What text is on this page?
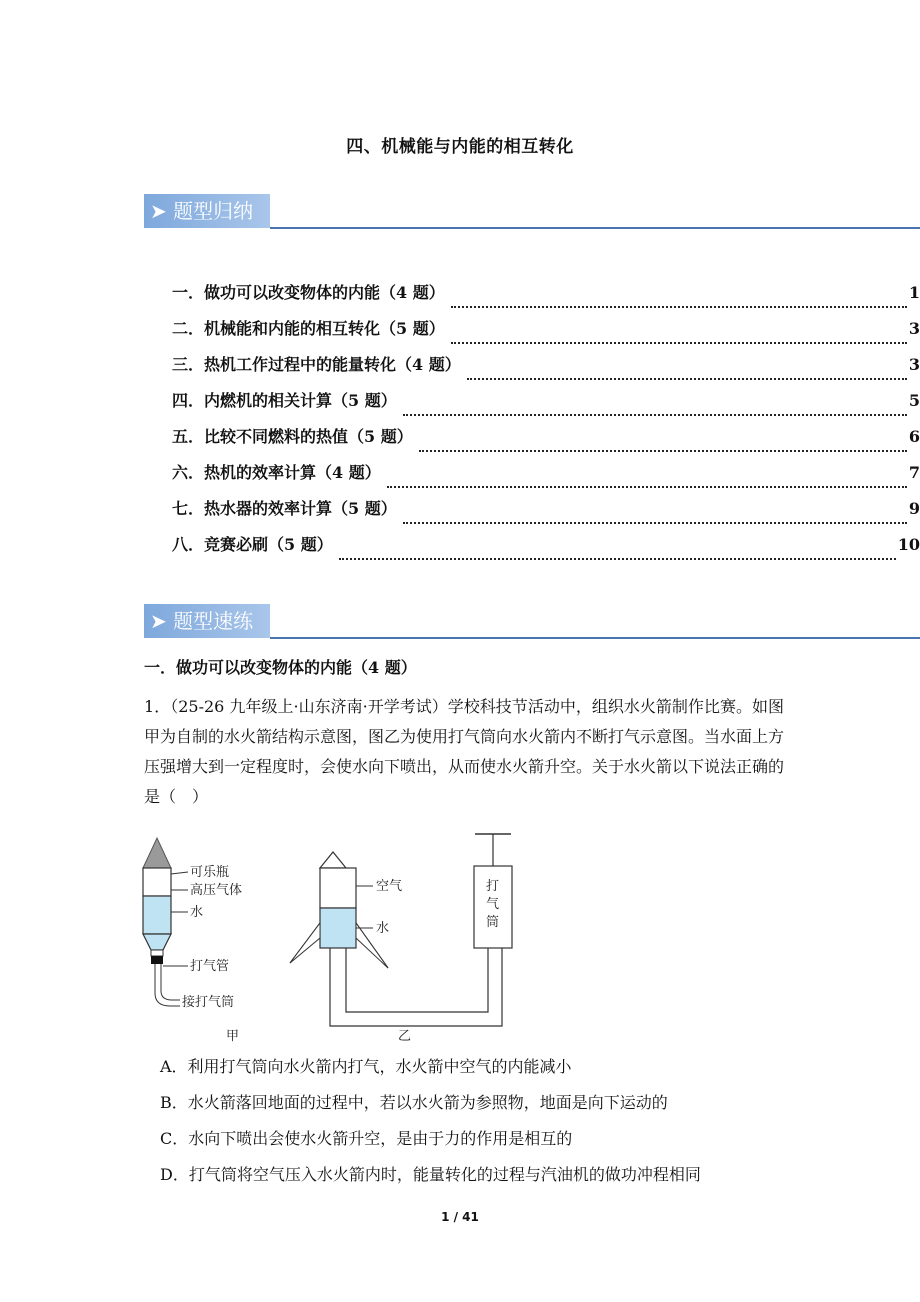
四、机械能与内能的相互转化
➤ 题型归纳
一．做功可以改变物体的内能（4 题）	1
二．机械能和内能的相互转化（5 题）	3
三．热机工作过程中的能量转化（4 题）	3
四．内燃机的相关计算（5 题）	5
五．比较不同燃料的热值（5 题）	6
六．热机的效率计算（4 题）	7
七．热水器的效率计算（5 题）	9
八．竞赛必刷（5 题）	10
➤ 题型速练
一．做功可以改变物体的内能（4 题）
1．（25-26 九年级上·山东济南·开学考试）学校科技节活动中，组织水火箭制作比赛。如图甲为自制的水火箭结构示意图，图乙为使用打气筒向水火箭内不断打气示意图。当水面上方压强增大到一定程度时，会使水向下喷出，从而使水火箭升空。关于水火箭以下说法正确的是（　）
可乐瓶
高压气体
水
打气管
接打气筒
甲
空气
水
打
气
筒
乙
A．利用打气筒向水火箭内打气，水火箭中空气的内能减小
B．水火箭落回地面的过程中，若以水火箭为参照物，地面是向下运动的
C．水向下喷出会使水火箭升空，是由于力的作用是相互的
D．打气筒将空气压入水火箭内时，能量转化的过程与汽油机的做功冲程相同
1 / 41
